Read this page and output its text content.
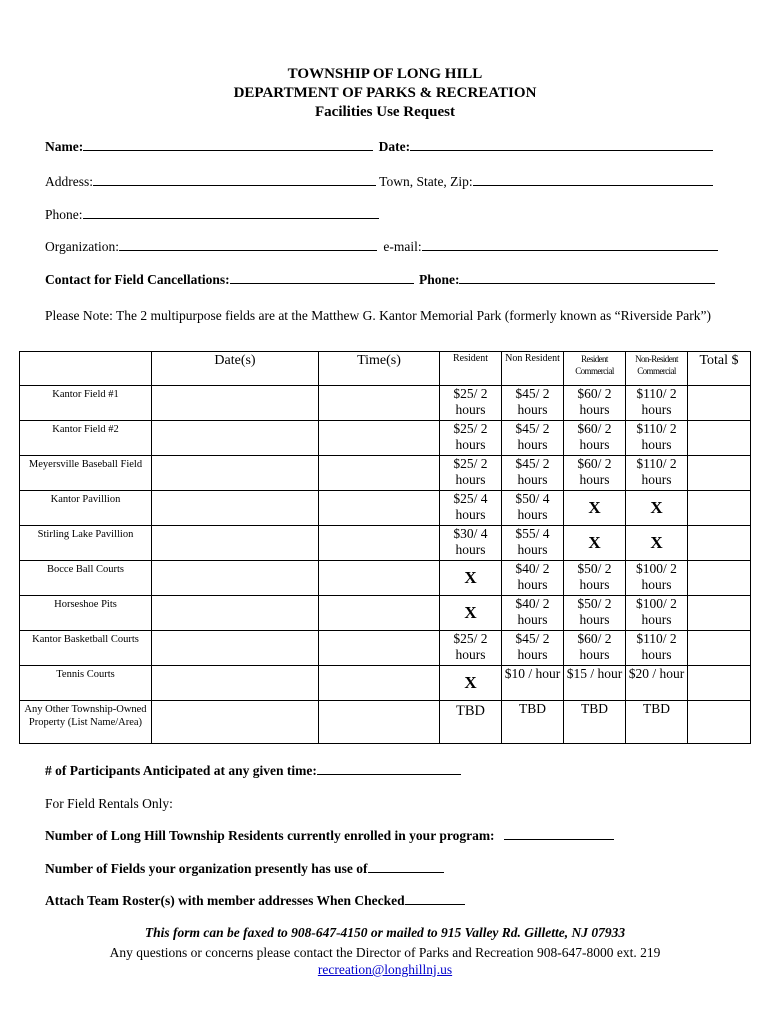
TOWNSHIP OF LONG HILL
DEPARTMENT OF PARKS & RECREATION
Facilities Use Request
Name:	Date:
Address:	Town, State, Zip:
Phone:
Organization:	e-mail:
Contact for Field Cancellations:	Phone:
Please Note: The 2 multipurpose fields are at the Matthew G. Kantor Memorial Park (formerly known as “Riverside Park”)
	Date(s)	Time(s)	Resident	Non Resident	Resident Commercial	Non-Resident Commercial	Total $
Kantor Field #1			$25/ 2 hours	$45/ 2 hours	$60/ 2 hours	$110/ 2 hours	
Kantor Field #2			$25/ 2 hours	$45/ 2 hours	$60/ 2 hours	$110/ 2 hours	
Meyersville Baseball Field			$25/ 2 hours	$45/ 2 hours	$60/ 2 hours	$110/ 2 hours	
Kantor Pavillion			$25/ 4 hours	$50/ 4 hours	X	X	
Stirling Lake Pavillion			$30/ 4 hours	$55/ 4 hours	X	X	
Bocce Ball Courts			X	$40/ 2 hours	$50/ 2 hours	$100/ 2 hours	
Horseshoe Pits			X	$40/ 2 hours	$50/ 2 hours	$100/ 2 hours	
Kantor Basketball Courts			$25/ 2 hours	$45/ 2 hours	$60/ 2 hours	$110/ 2 hours	
Tennis Courts			X	$10 / hour	$15 / hour	$20 / hour	
Any Other Township-Owned Property (List Name/Area)			TBD	TBD	TBD	TBD	
# of Participants Anticipated at any given time:
For Field Rentals Only:
Number of Long Hill Township Residents currently enrolled in your program:
Number of Fields your organization presently has use of
Attach Team Roster(s) with member addresses When Checked
This form can be faxed to 908-647-4150 or mailed to 915 Valley Rd. Gillette, NJ 07933
Any questions or concerns please contact the Director of Parks and Recreation 908-647-8000 ext. 219
recreation@longhillnj.us
